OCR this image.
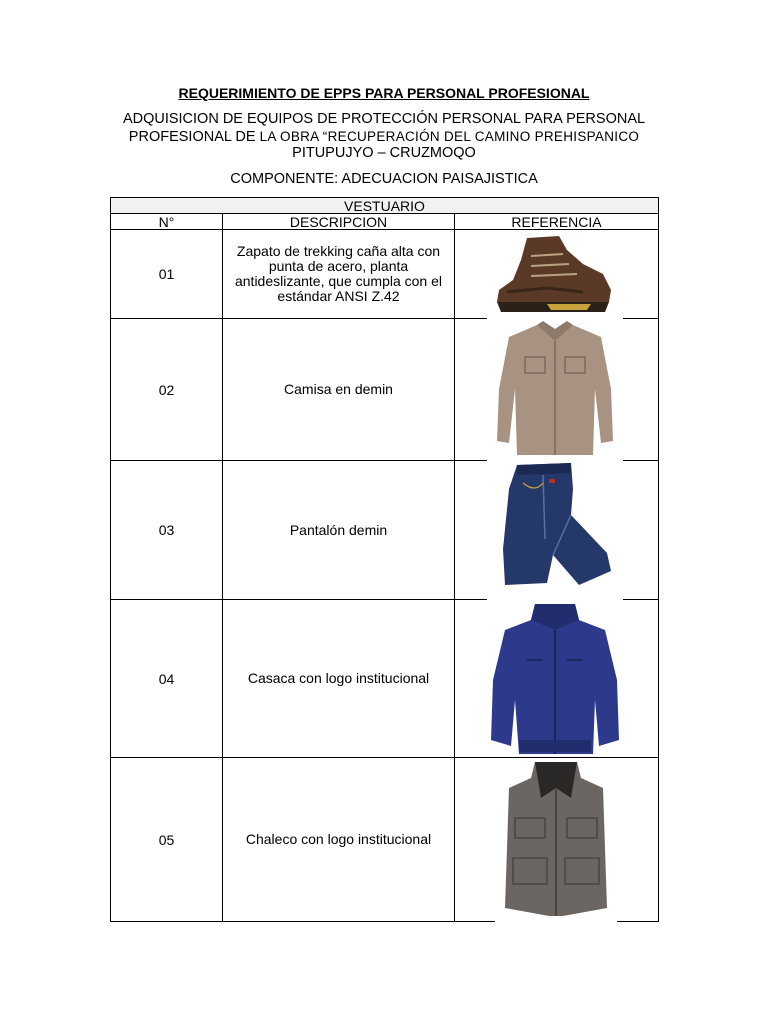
REQUERIMIENTO DE EPPS PARA PERSONAL PROFESIONAL
ADQUISICION DE EQUIPOS DE PROTECCIÓN PERSONAL PARA PERSONAL
PROFESIONAL DE LA OBRA “RECUPERACIÓN DEL CAMINO PREHISPANICO
PITUPUJYO – CRUZMOQO
COMPONENTE: ADECUACION PAISAJISTICA
VESTUARIO		
N°	DESCRIPCION	REFERENCIA
01	Zapato de trekking caña alta con punta de acero, planta antideslizante, que cumpla con el estándar ANSI Z.42	

02	Camisa en demin	

03	Pantalón demin	

04	Casaca con logo institucional	

05	Chaleco con logo institucional	
